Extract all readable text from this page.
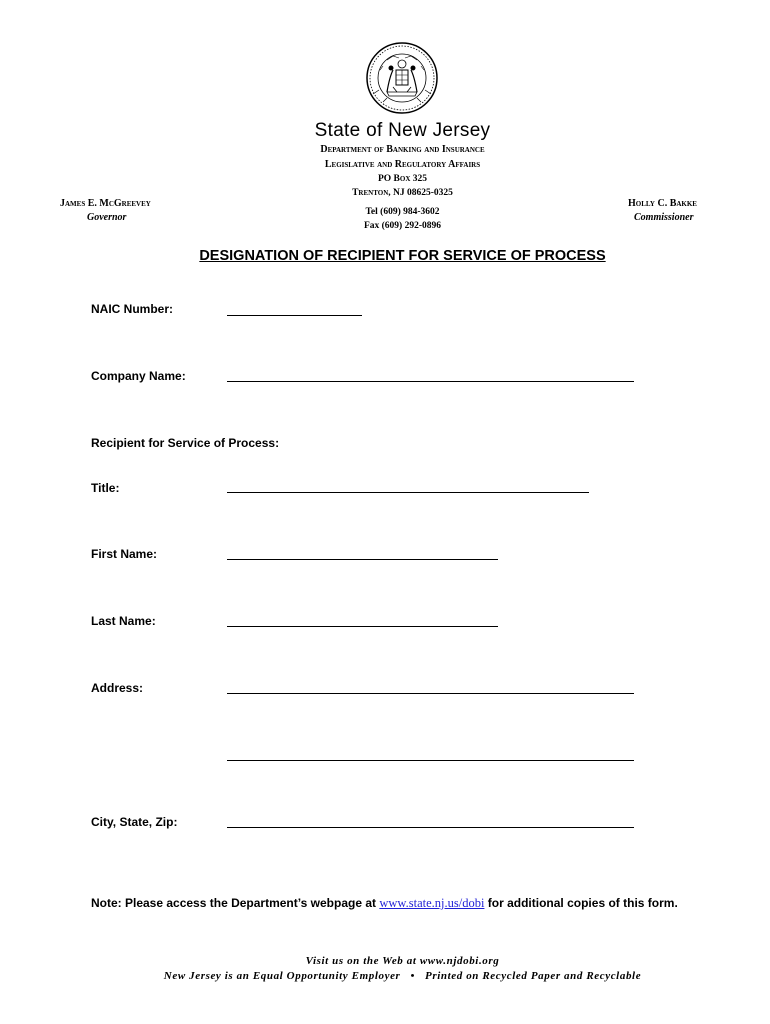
State of New Jersey
Department of Banking and Insurance
Legislative and Regulatory Affairs
PO Box 325
Trenton, NJ 08625-0325
Tel (609) 984-3602
Fax (609) 292-0896
James E. McGreevey
Governor
Holly C. Bakke
Commissioner
DESIGNATION OF RECIPIENT FOR SERVICE OF PROCESS
NAIC Number:
Company Name:
Recipient for Service of Process:
Title:
First Name:
Last Name:
Address:
City, State, Zip:
Note: Please access the Department’s webpage at www.state.nj.us/dobi for additional copies of this form.
Visit us on the Web at www.njdobi.org
New Jersey is an Equal Opportunity Employer • Printed on Recycled Paper and Recyclable
